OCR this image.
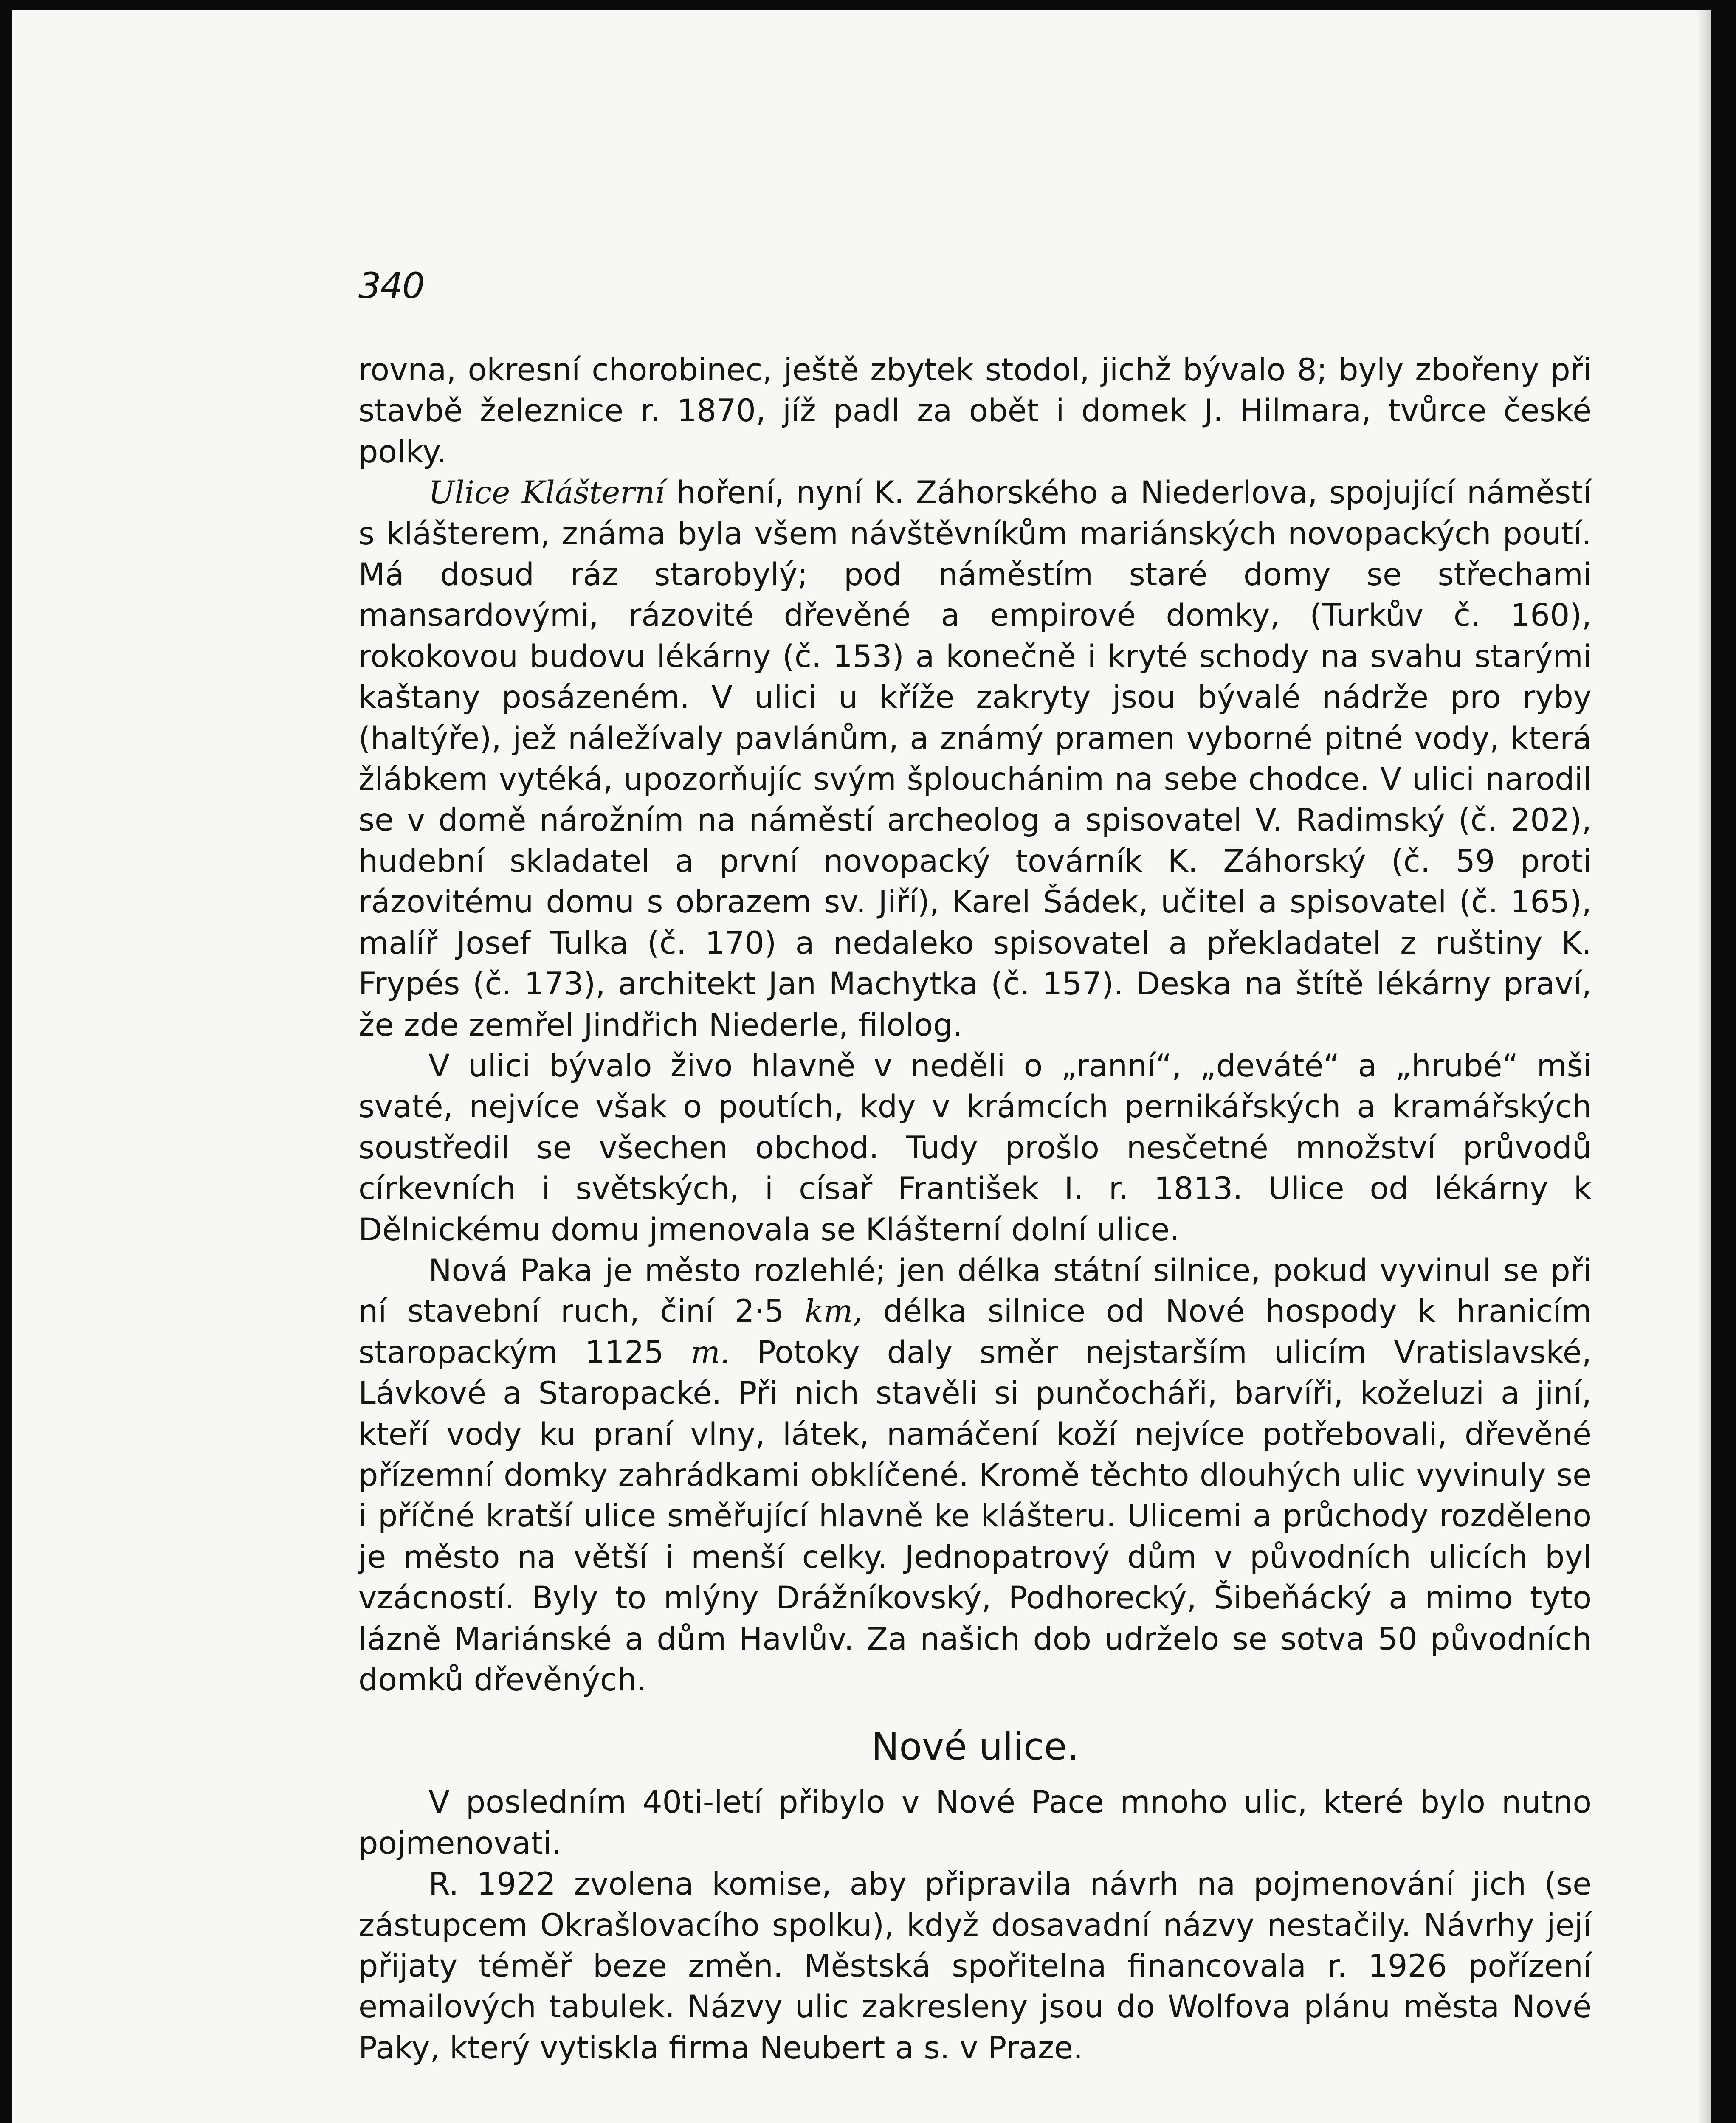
340

rovna, okresní chorobinec, ještě zbytek stodol, jichž bývalo 8; byly zbořeny při stavbě železnice r. 1870, jíž padl za obět i domek J. Hilmara, tvůrce české polky.

Ulice Klášterní hoření, nyní K. Záhorského a Niederlova, spojující náměstí s klášterem, známa byla všem návštěvníkům mariánských novopackých poutí. Má dosud ráz starobylý; pod náměstím staré domy se střechami mansardovými, rázovité dřevěné a empirové domky, (Turkův č. 160), rokokovou budovu lékárny (č. 153) a konečně i kryté schody na svahu starými kaštany posázeném. V ulici u kříže zakryty jsou bývalé nádrže pro ryby (haltýře), jež náležívaly pavlánům, a známý pramen vyborné pitné vody, která žlábkem vytéká, upozorňujíc svým šplouchánim na sebe chodce. V ulici narodil se v domě nárožním na náměstí archeolog a spisovatel V. Radimský (č. 202), hudební skladatel a první novopacký továrník K. Záhorský (č. 59 proti rázovitému domu s obrazem sv. Jiří), Karel Šádek, učitel a spisovatel (č. 165), malíř Josef Tulka (č. 170) a nedaleko spisovatel a překladatel z ruštiny K. Frypés (č. 173), architekt Jan Machytka (č. 157). Deska na štítě lékárny praví, že zde zemřel Jindřich Niederle, filolog.

V ulici bývalo živo hlavně v neděli o „ranní“, „deváté“ a „hrubé“ mši svaté, nejvíce však o poutích, kdy v krámcích pernikářských a kramářských soustředil se všechen obchod. Tudy prošlo nesčetné množství průvodů církevních i světských, i císař František I. r. 1813. Ulice od lékárny k Dělnickému domu jmenovala se Klášterní dolní ulice.

Nová Paka je město rozlehlé; jen délka státní silnice, pokud vyvinul se při ní stavební ruch, činí 2·5 km, délka silnice od Nové hospody k hranicím staropackým 1125 m. Potoky daly směr nejstarším ulicím Vratislavské, Lávkové a Staropacké. Při nich stavěli si punčocháři, barvíři, koželuzi a jiní, kteří vody ku praní vlny, látek, namáčení koží nejvíce potřebovali, dřevěné přízemní domky zahrádkami obklíčené. Kromě těchto dlouhých ulic vyvinuly se i příčné kratší ulice směřující hlavně ke klášteru. Ulicemi a průchody rozděleno je město na větší i menší celky. Jednopatrový dům v původních ulicích byl vzácností. Byly to mlýny Drážníkovský, Podhorecký, Šibeňácký a mimo tyto lázně Mariánské a dům Havlův. Za našich dob udrželo se sotva 50 původních domků dřevěných.

Nové ulice.

V posledním 40ti-letí přibylo v Nové Pace mnoho ulic, které bylo nutno pojmenovati.

R. 1922 zvolena komise, aby připravila návrh na pojmenování jich (se zástupcem Okrašlovacího spolku), když dosavadní názvy nestačily. Návrhy její přijaty téměř beze změn. Městská spořitelna financovala r. 1926 pořízení emailových tabulek. Názvy ulic zakresleny jsou do Wolfova plánu města Nové Paky, který vytiskla firma Neubert a s. v Praze.
